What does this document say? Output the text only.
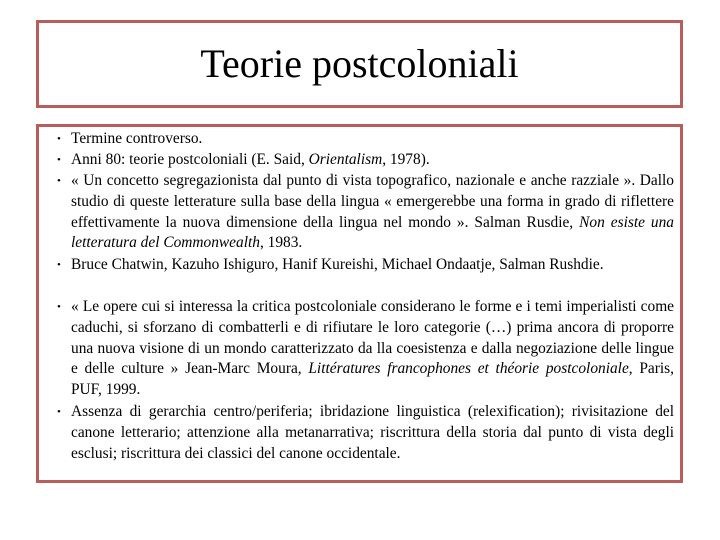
Teorie postcoloniali
• Termine controverso.
• Anni 80: teorie postcoloniali (E. Said, Orientalism, 1978).
• « Un concetto segregazionista dal punto di vista topografico, nazionale e anche razziale ». Dallo studio di queste letterature sulla base della lingua « emergerebbe una forma in grado di riflettere effettivamente la nuova dimensione della lingua nel mondo ». Salman Rusdie, Non esiste una letteratura del Commonwealth, 1983.
• Bruce Chatwin, Kazuho Ishiguro, Hanif Kureishi, Michael Ondaatje, Salman Rushdie.
• « Le opere cui si interessa la critica postcoloniale considerano le forme e i temi imperialisti come caduchi, si sforzano di combatterli e di rifiutare le loro categorie (…) prima ancora di proporre una nuova visione di un mondo caratterizzato da lla coesistenza e dalla negoziazione delle lingue e delle culture » Jean-Marc Moura, Littératures francophones et théorie postcoloniale, Paris, PUF, 1999.
• Assenza di gerarchia centro/periferia; ibridazione linguistica (relexification); rivisitazione del canone letterario; attenzione alla metanarrativa; riscrittura della storia dal punto di vista degli esclusi; riscrittura dei classici del canone occidentale.
